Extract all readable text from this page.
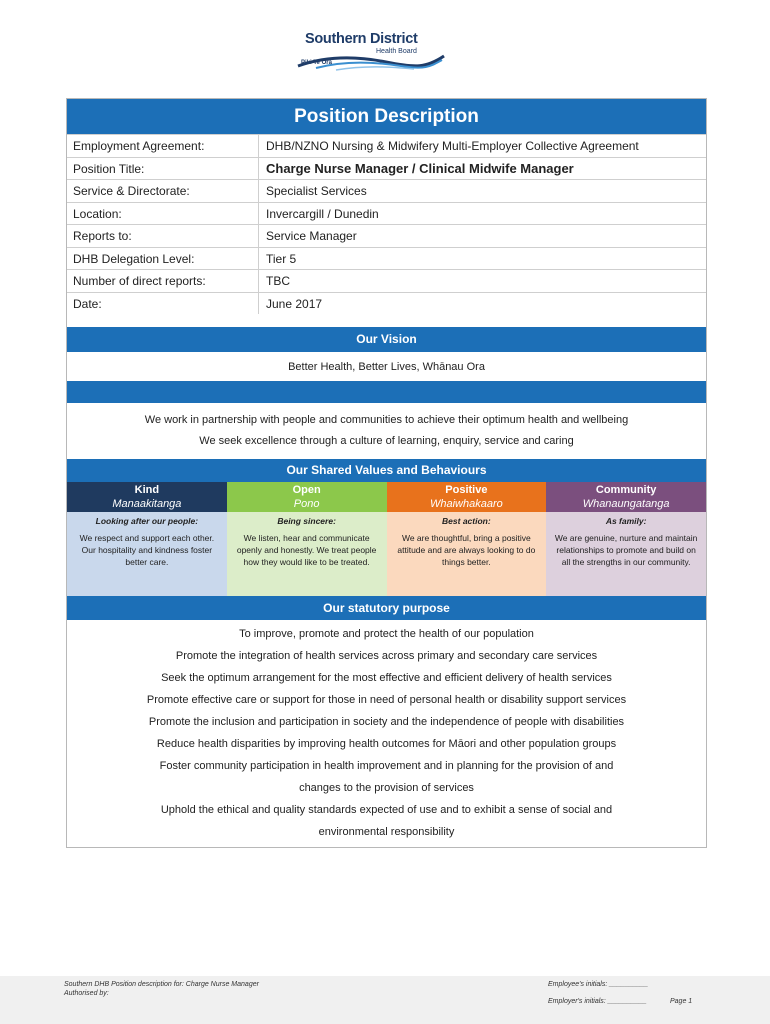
Southern District
Health Board
Piki Te Ora
Position Description
Employment Agreement:	DHB/NZNO Nursing & Midwifery Multi-Employer Collective Agreement
Position Title:	Charge Nurse Manager / Clinical Midwife Manager
Service & Directorate:	Specialist Services
Location:	Invercargill / Dunedin
Reports to:	Service Manager
DHB Delegation Level:	Tier 5
Number of direct reports:	TBC
Date:	June 2017
Our Vision
Better Health, Better Lives, Whānau Ora
We work in partnership with people and communities to achieve their optimum health and wellbeing
We seek excellence through a culture of learning, enquiry, service and caring
Our Shared Values and Behaviours
Kind
Manaakitanga
Looking after our people:
We respect and support each other. Our hospitality and kindness foster better care.
Open
Pono
Being sincere:
We listen, hear and communicate openly and honestly. We treat people how they would like to be treated.
Positive
Whaiwhakaaro
Best action:
We are thoughtful, bring a positive attitude and are always looking to do things better.
Community
Whanaungatanga
As family:
We are genuine, nurture and maintain relationships to promote and build on all the strengths in our community.
Our statutory purpose
To improve, promote and protect the health of our population
Promote the integration of health services across primary and secondary care services
Seek the optimum arrangement for the most effective and efficient delivery of health services
Promote effective care or support for those in need of personal health or disability support services
Promote the inclusion and participation in society and the independence of people with disabilities
Reduce health disparities by improving health outcomes for Māori and other population groups
Foster community participation in health improvement and in planning for the provision of and
changes to the provision of services
Uphold the ethical and quality standards expected of use and to exhibit a sense of social and
environmental responsibility
Southern DHB Position description for: Charge Nurse Manager
Authorised by:
Employee's initials: __________
Employer's initials: __________	Page 1
